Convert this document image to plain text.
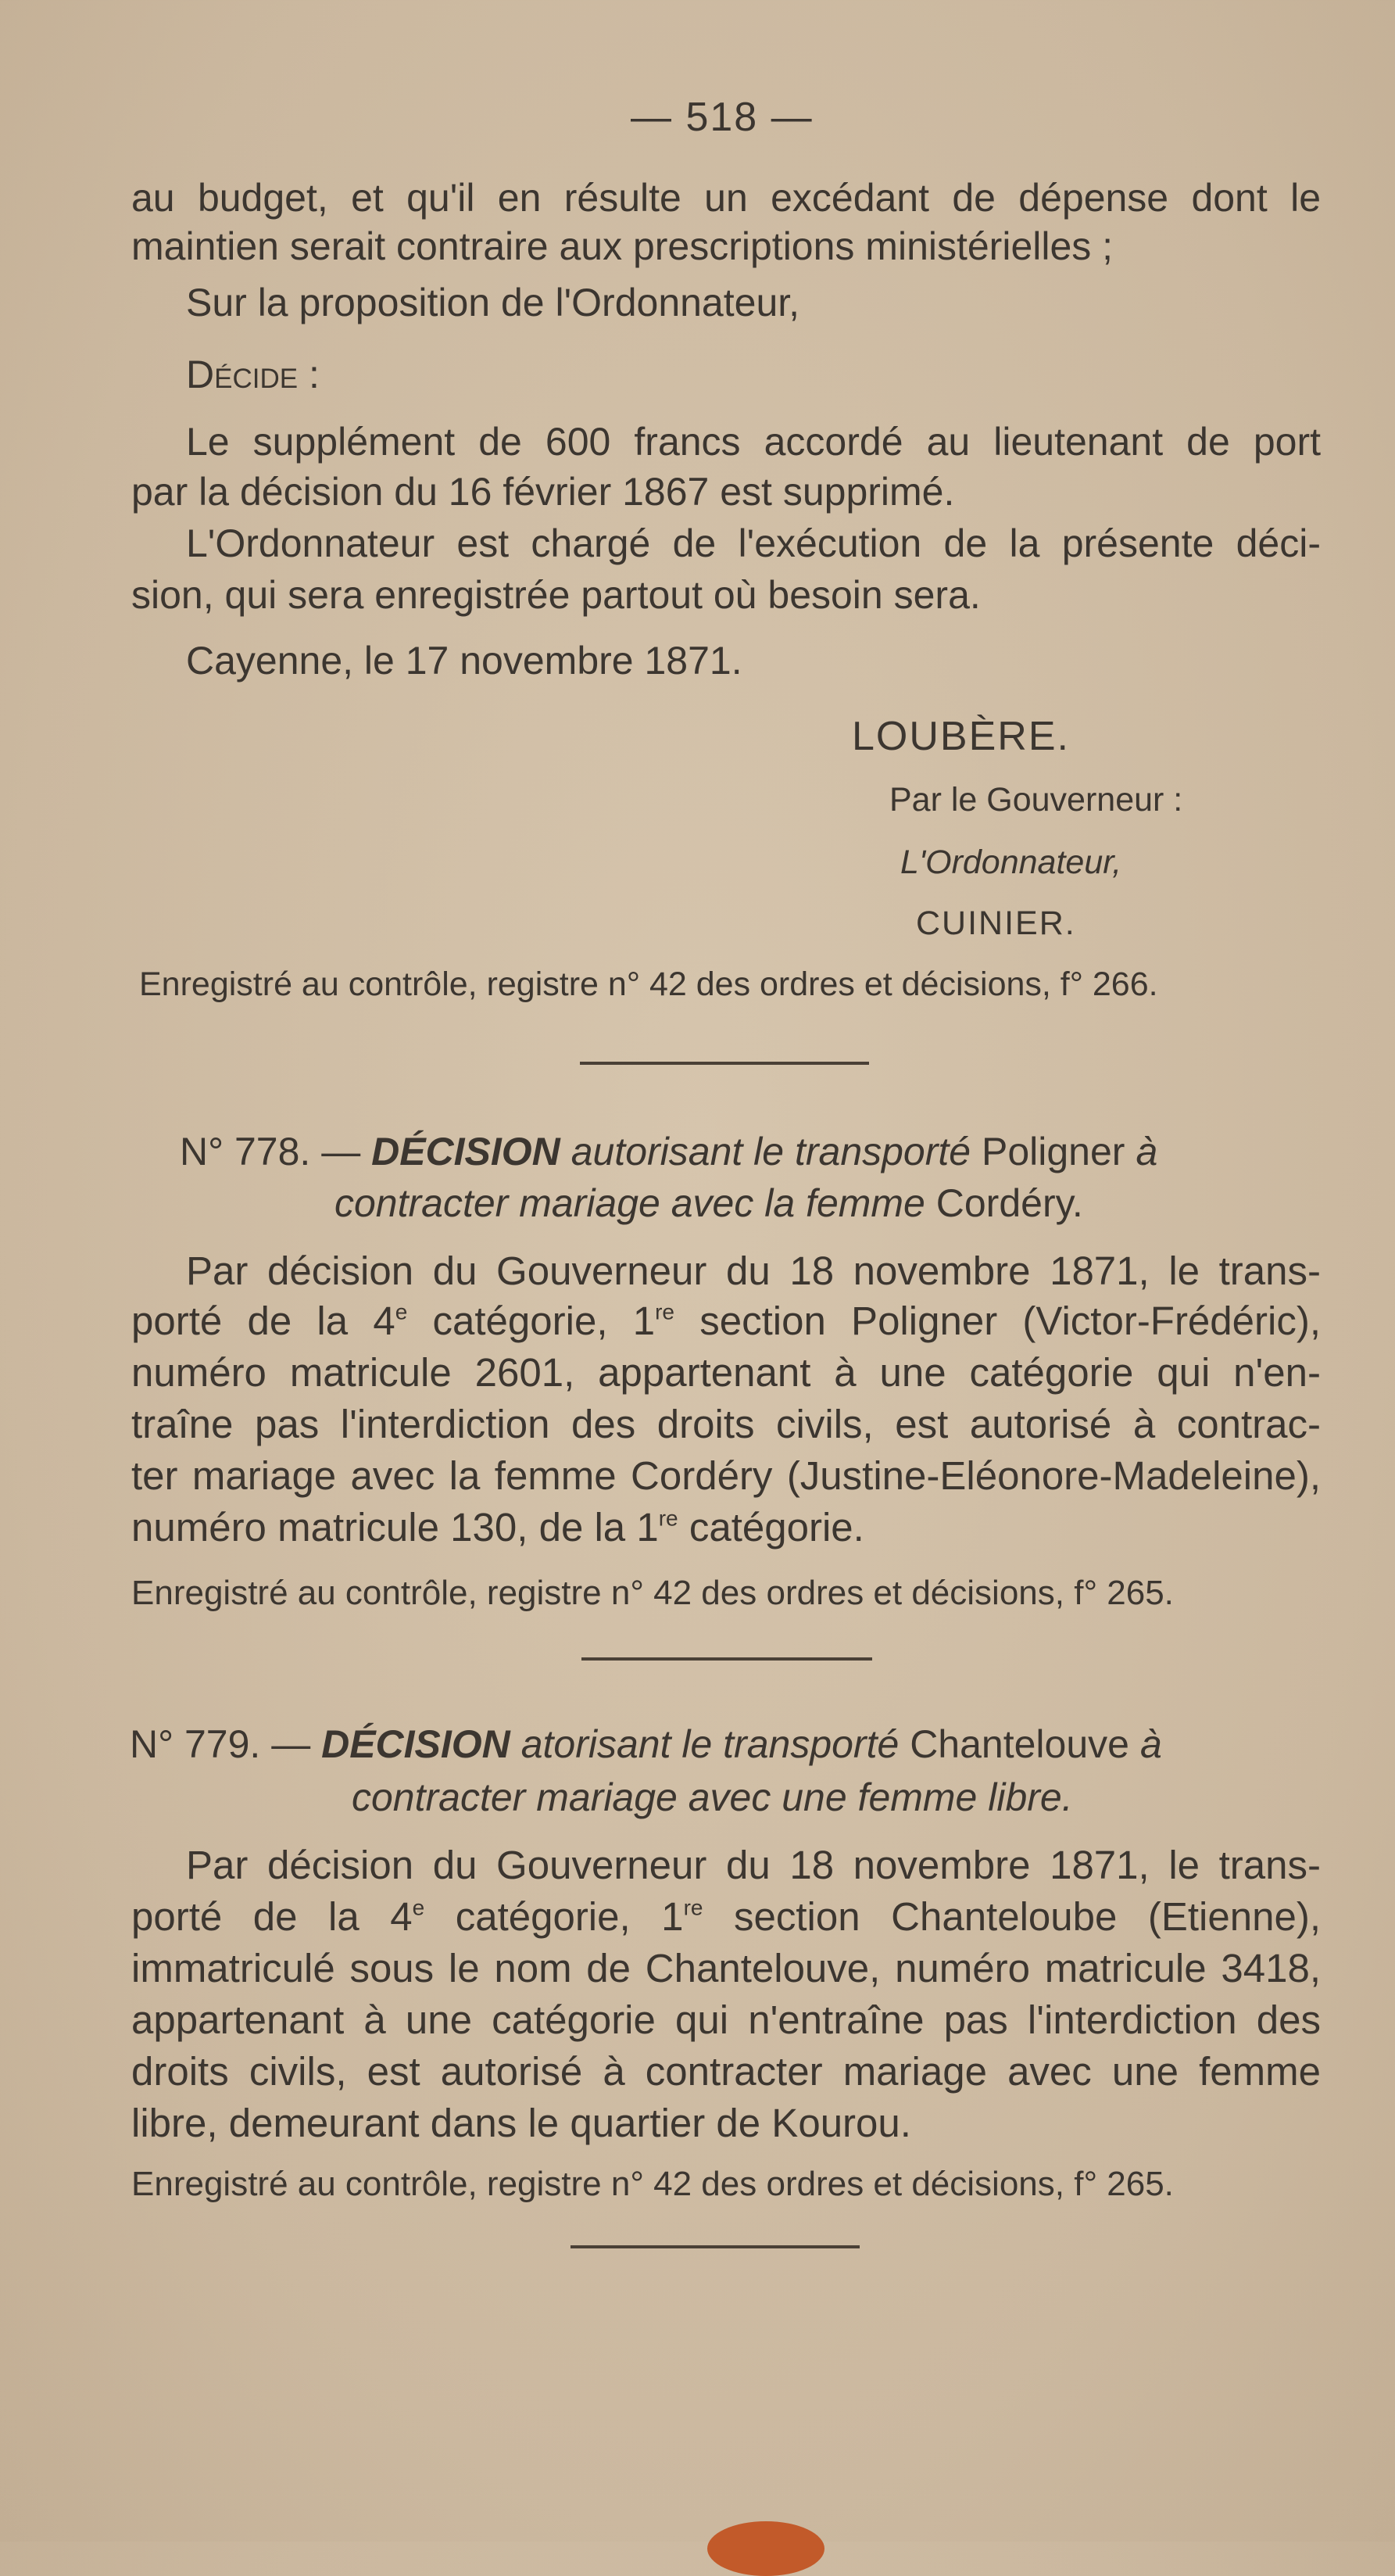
— 518 —
au budget, et qu'il en résulte un excédant de dépense dont le
maintien serait contraire aux prescriptions ministérielles ;
Sur la proposition de l'Ordonnateur,
Décide :
Le supplément de 600 francs accordé au lieutenant de port
par la décision du 16 février 1867 est supprimé.
L'Ordonnateur est chargé de l'exécution de la présente déci-
sion, qui sera enregistrée partout où besoin sera.
Cayenne, le 17 novembre 1871.
LOUBÈRE.
Par le Gouverneur :
L'Ordonnateur,
CUINIER.
Enregistré au contrôle, registre n° 42 des ordres et décisions, f° 266.
N° 778. — DÉCISION autorisant le transporté Poligner à
contracter mariage avec la femme Cordéry.
Par décision du Gouverneur du 18 novembre 1871, le trans-
porté de la 4e catégorie, 1re section Poligner (Victor-Frédéric),
numéro matricule 2601, appartenant à une catégorie qui n'en-
traîne pas l'interdiction des droits civils, est autorisé à contrac-
ter mariage avec la femme Cordéry (Justine-Eléonore-Madeleine),
numéro matricule 130, de la 1re catégorie.
Enregistré au contrôle, registre n° 42 des ordres et décisions, f° 265.
N° 779. — DÉCISION atorisant le transporté Chantelouve à
contracter mariage avec une femme libre.
Par décision du Gouverneur du 18 novembre 1871, le trans-
porté de la 4e catégorie, 1re section Chanteloube (Etienne),
immatriculé sous le nom de Chantelouve, numéro matricule 3418,
appartenant à une catégorie qui n'entraîne pas l'interdiction des
droits civils, est autorisé à contracter mariage avec une femme
libre, demeurant dans le quartier de Kourou.
Enregistré au contrôle, registre n° 42 des ordres et décisions, f° 265.
